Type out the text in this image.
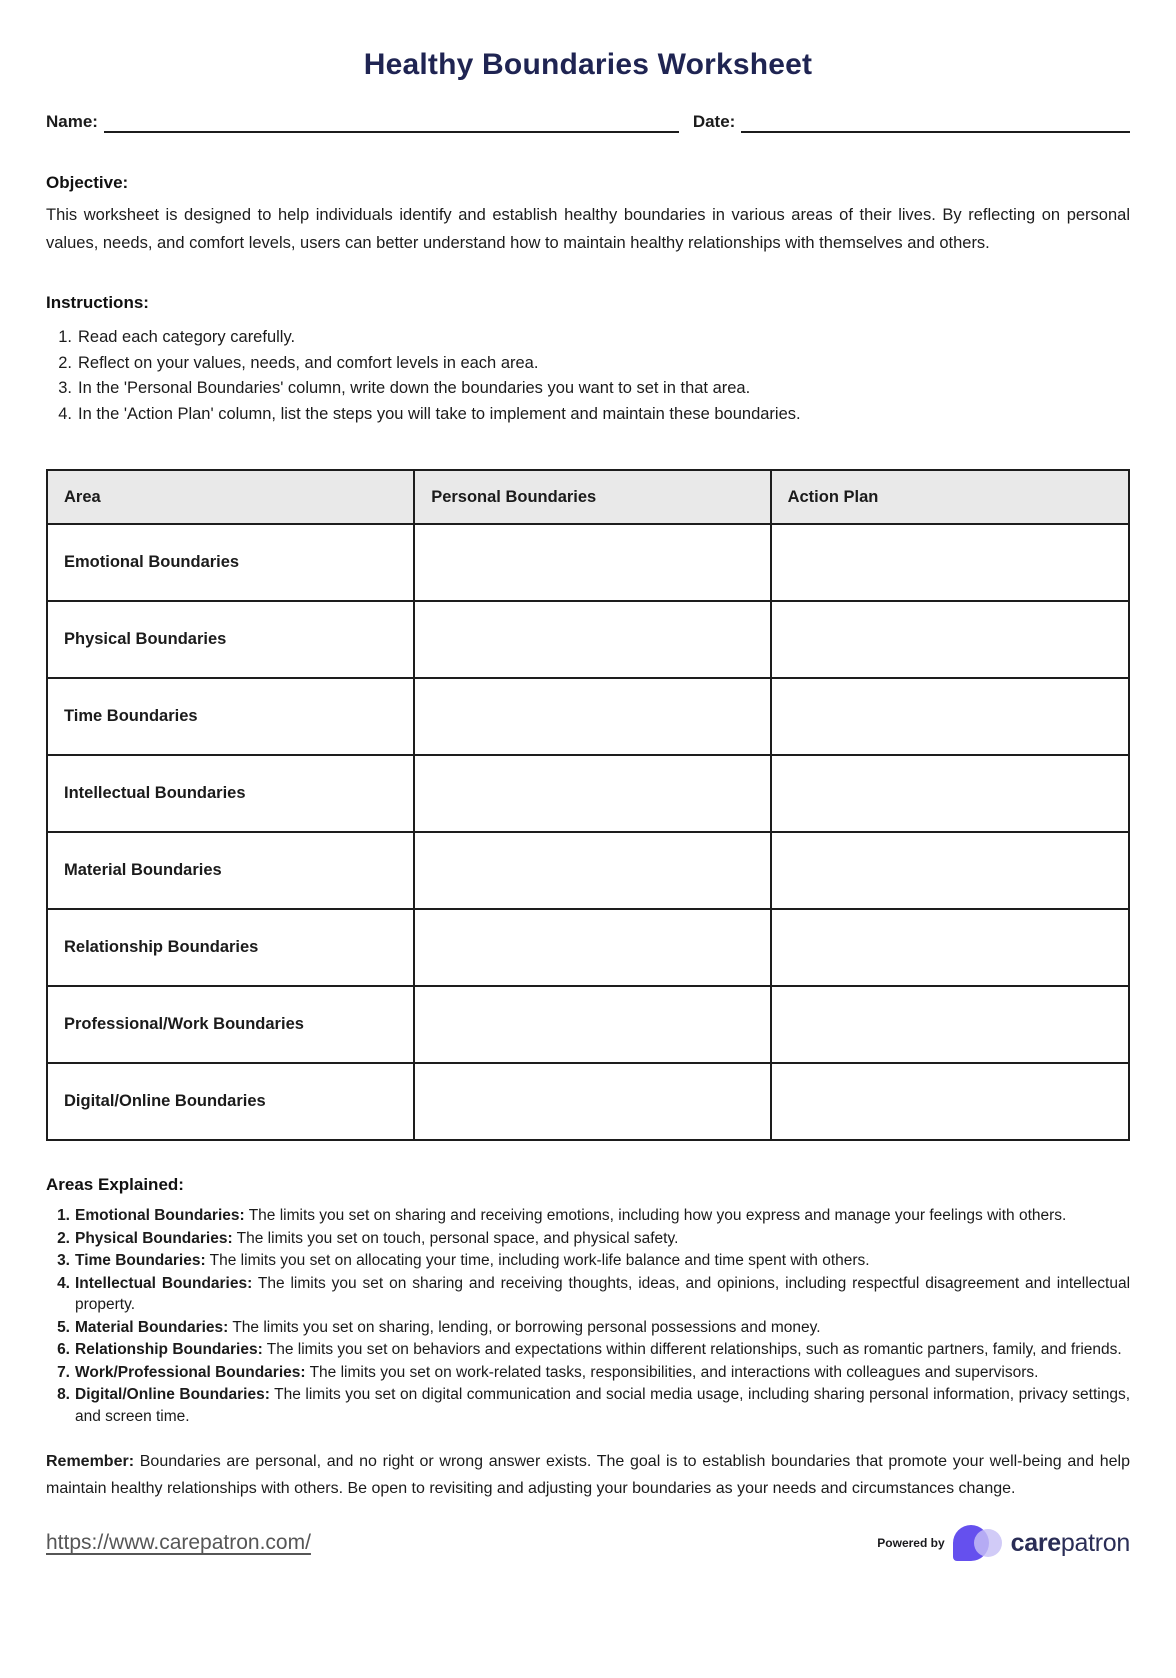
Healthy Boundaries Worksheet
Name:	Date:
Objective:

This worksheet is designed to help individuals identify and establish healthy boundaries in various areas of their lives. By reflecting on personal values, needs, and comfort levels, users can better understand how to maintain healthy relationships with themselves and others.

Instructions:
1. Read each category carefully.
2. Reflect on your values, needs, and comfort levels in each area.
3. In the 'Personal Boundaries' column, write down the boundaries you want to set in that area.
4. In the 'Action Plan' column, list the steps you will take to implement and maintain these boundaries.
Area	Personal Boundaries	Action Plan
Emotional Boundaries
Physical Boundaries
Time Boundaries
Intellectual Boundaries
Material Boundaries
Relationship Boundaries
Professional/Work Boundaries
Digital/Online Boundaries
Areas Explained:
1. Emotional Boundaries: The limits you set on sharing and receiving emotions, including how you express and manage your feelings with others.
2. Physical Boundaries: The limits you set on touch, personal space, and physical safety.
3. Time Boundaries: The limits you set on allocating your time, including work-life balance and time spent with others.
4. Intellectual Boundaries: The limits you set on sharing and receiving thoughts, ideas, and opinions, including respectful disagreement and intellectual property.
5. Material Boundaries: The limits you set on sharing, lending, or borrowing personal possessions and money.
6. Relationship Boundaries: The limits you set on behaviors and expectations within different relationships, such as romantic partners, family, and friends.
7. Work/Professional Boundaries: The limits you set on work-related tasks, responsibilities, and interactions with colleagues and supervisors.
8. Digital/Online Boundaries: The limits you set on digital communication and social media usage, including sharing personal information, privacy settings, and screen time.

Remember: Boundaries are personal, and no right or wrong answer exists. The goal is to establish boundaries that promote your well-being and help maintain healthy relationships with others. Be open to revisiting and adjusting your boundaries as your needs and circumstances change.

https://www.carepatron.com/	Powered by	carepatron
